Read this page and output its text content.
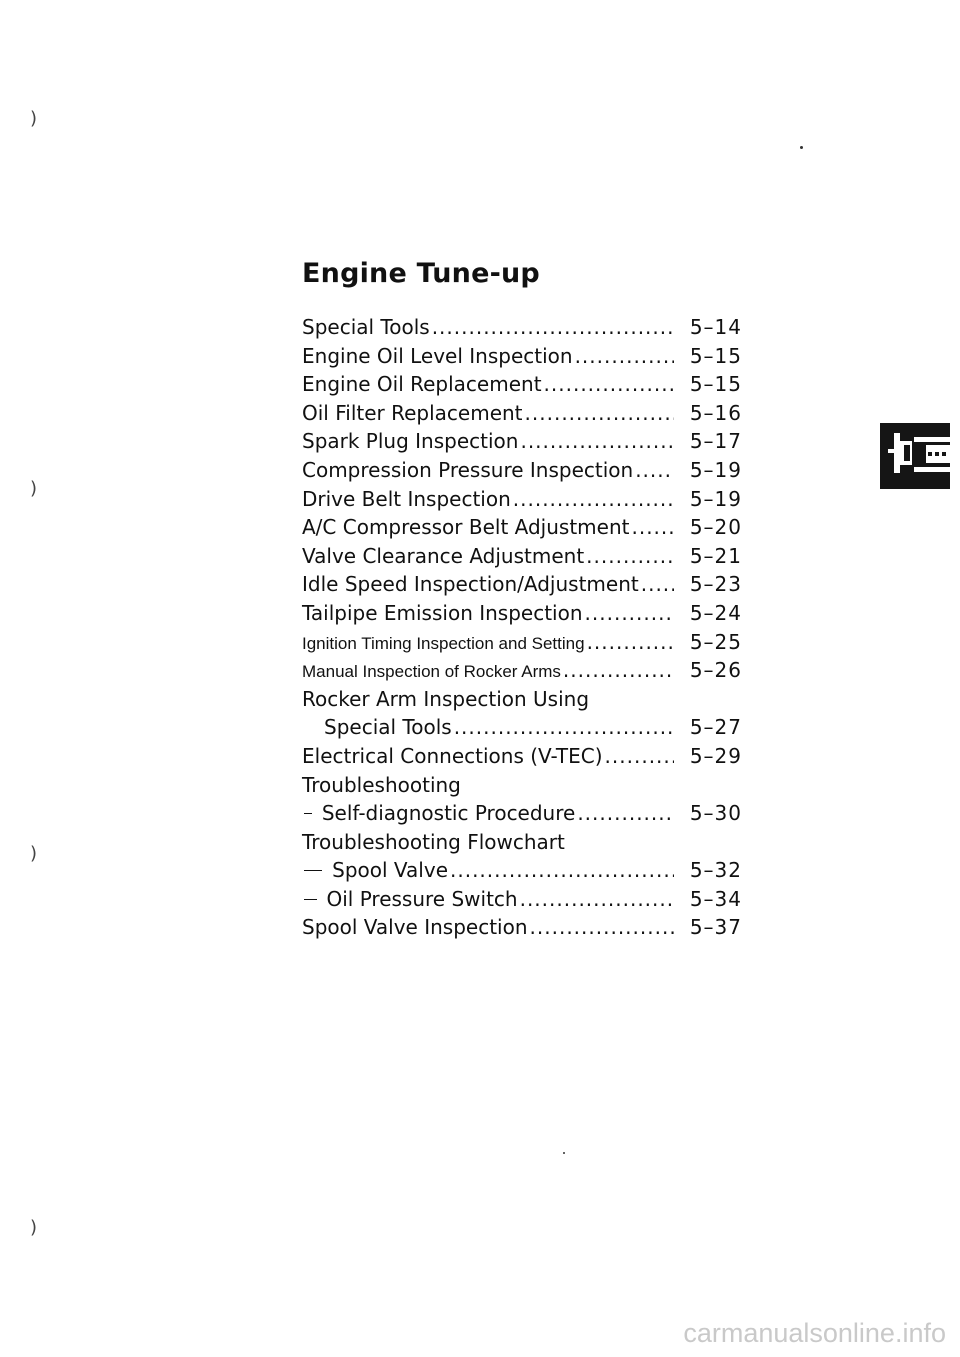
Engine Tune-up
Special Tools .....	5–14
Engine Oil Level Inspection .....	5–15
Engine Oil Replacement .....	5–15
Oil Filter Replacement .....	5–16
Spark Plug Inspection .....	5–17
Compression Pressure Inspection .....	5–19
Drive Belt Inspection .....	5–19
A/C Compressor Belt Adjustment .....	5–20
Valve Clearance Adjustment .....	5–21
Idle Speed Inspection/Adjustment .....	5–23
Tailpipe Emission Inspection .....	5–24
Ignition Timing Inspection and Setting .....	5–25
Manual Inspection of Rocker Arms .....	5–26
Rocker Arm Inspection Using
Special Tools .....	5–27
Electrical Connections (V-TEC) .....	5–29
Troubleshooting
Self-diagnostic Procedure .....	5–30
Troubleshooting Flowchart
Spool Valve .....	5–32
Oil Pressure Switch .....	5–34
Spool Valve Inspection .....	5–37
)
)
)
)
carmanualsonline.info
